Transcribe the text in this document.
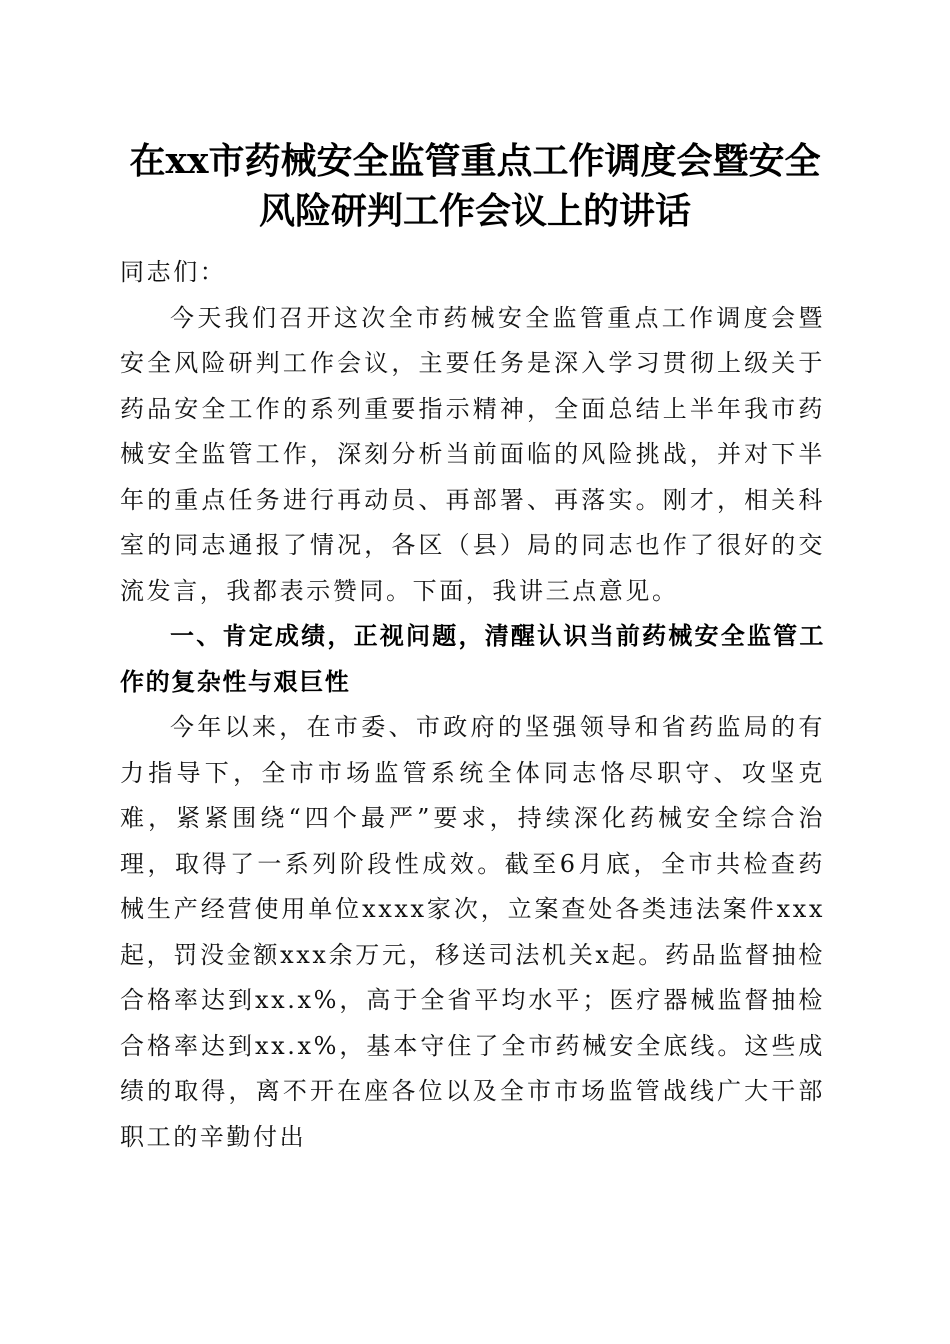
在xx市药械安全监管重点工作调度会暨安全
风险研判工作会议上的讲话

同志们：

今天我们召开这次全市药械安全监管重点工作调度会暨安全风险研判工作会议，主要任务是深入学习贯彻上级关于药品安全工作的系列重要指示精神，全面总结上半年我市药械安全监管工作，深刻分析当前面临的风险挑战，并对下半年的重点任务进行再动员、再部署、再落实。刚才，相关科室的同志通报了情况，各区（县）局的同志也作了很好的交流发言，我都表示赞同。下面，我讲三点意见。

一、肯定成绩，正视问题，清醒认识当前药械安全监管工作的复杂性与艰巨性

今年以来，在市委、市政府的坚强领导和省药监局的有力指导下，全市市场监管系统全体同志恪尽职守、攻坚克难，紧紧围绕“四个最严”要求，持续深化药械安全综合治理，取得了一系列阶段性成效。截至6月底，全市共检查药械生产经营使用单位xxxx家次，立案查处各类违法案件xxx起，罚没金额xxx余万元，移送司法机关x起。药品监督抽检合格率达到xx.x%，高于全省平均水平；医疗器械监督抽检合格率达到xx.x%，基本守住了全市药械安全底线。这些成绩的取得，离不开在座各位以及全市市场监管战线广大干部职工的辛勤付出
